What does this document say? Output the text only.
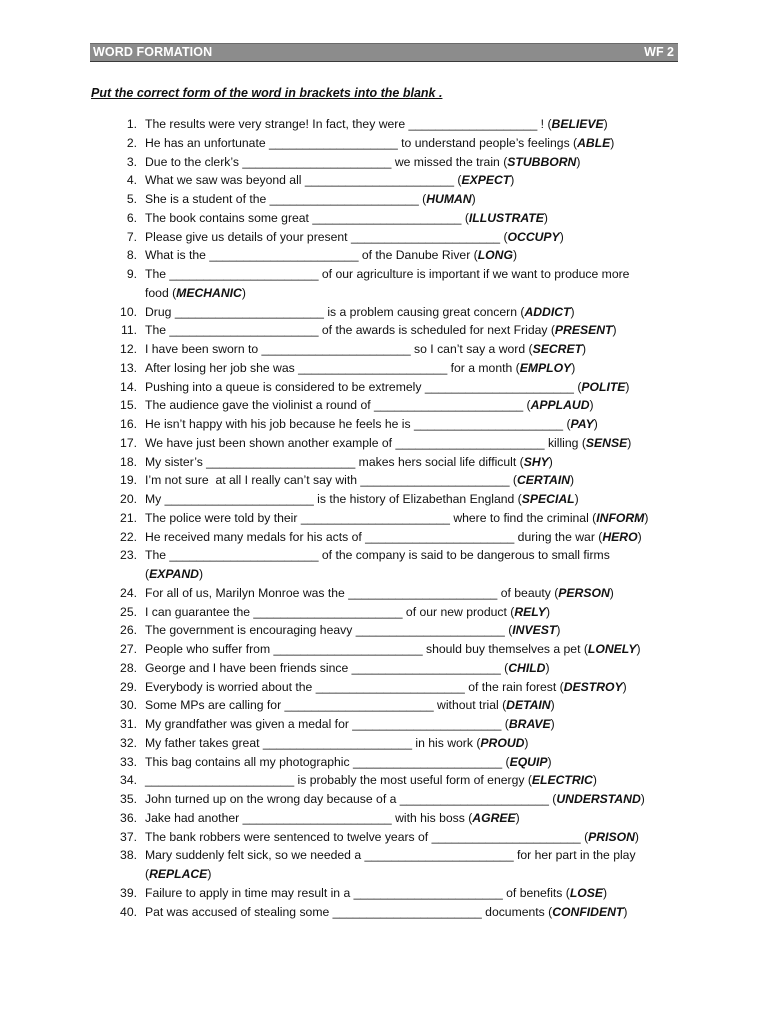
WORD FORMATION	WF 2
Put the correct form of the word in brackets into the blank .
1. The results were very strange! In fact, they were ___________________ ! (BELIEVE)
2. He has an unfortunate ___________________ to understand people’s feelings (ABLE)
3. Due to the clerk’s ______________________ we missed the train (STUBBORN)
4. What we saw was beyond all ______________________ (EXPECT)
5. She is a student of the ______________________ (HUMAN)
6. The book contains some great ______________________ (ILLUSTRATE)
7. Please give us details of your present ______________________ (OCCUPY)
8. What is the ______________________ of the Danube River (LONG)
9. The ______________________ of our agriculture is important if we want to produce more
food (MECHANIC)
10. Drug ______________________ is a problem causing great concern (ADDICT)
11. The ______________________ of the awards is scheduled for next Friday (PRESENT)
12. I have been sworn to ______________________ so I can’t say a word (SECRET)
13. After losing her job she was ______________________ for a month (EMPLOY)
14. Pushing into a queue is considered to be extremely ______________________ (POLITE)
15. The audience gave the violinist a round of ______________________ (APPLAUD)
16. He isn’t happy with his job because he feels he is ______________________ (PAY)
17. We have just been shown another example of ______________________ killing (SENSE)
18. My sister’s ______________________ makes hers social life difficult (SHY)
19. I’m not sure  at all I really can’t say with ______________________ (CERTAIN)
20. My ______________________ is the history of Elizabethan England (SPECIAL)
21. The police were told by their ______________________ where to find the criminal (INFORM)
22. He received many medals for his acts of ______________________ during the war (HERO)
23. The ______________________ of the company is said to be dangerous to small firms
(EXPAND)
24. For all of us, Marilyn Monroe was the ______________________ of beauty (PERSON)
25. I can guarantee the ______________________ of our new product (RELY)
26. The government is encouraging heavy ______________________ (INVEST)
27. People who suffer from ______________________ should buy themselves a pet (LONELY)
28. George and I have been friends since ______________________ (CHILD)
29. Everybody is worried about the ______________________ of the rain forest (DESTROY)
30. Some MPs are calling for ______________________ without trial (DETAIN)
31. My grandfather was given a medal for ______________________ (BRAVE)
32. My father takes great ______________________ in his work (PROUD)
33. This bag contains all my photographic ______________________ (EQUIP)
34. ______________________ is probably the most useful form of energy (ELECTRIC)
35. John turned up on the wrong day because of a ______________________ (UNDERSTAND)
36. Jake had another ______________________ with his boss (AGREE)
37. The bank robbers were sentenced to twelve years of ______________________ (PRISON)
38. Mary suddenly felt sick, so we needed a ______________________ for her part in the play
(REPLACE)
39. Failure to apply in time may result in a ______________________ of benefits (LOSE)
40. Pat was accused of stealing some ______________________ documents (CONFIDENT)
